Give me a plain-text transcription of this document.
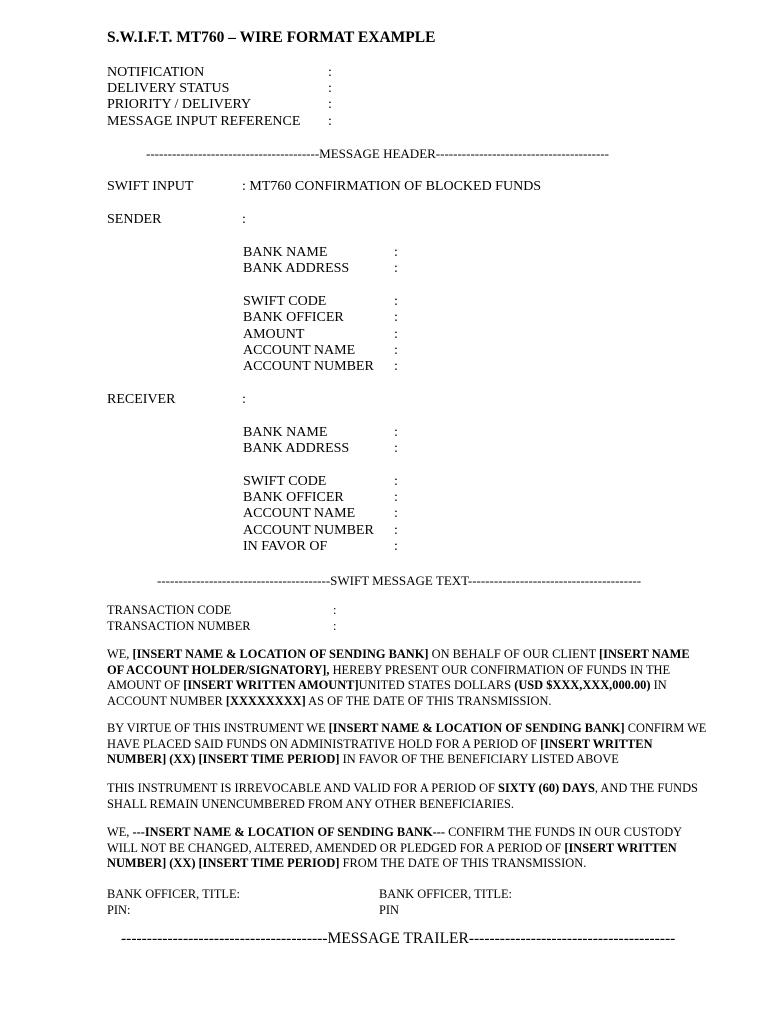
S.W.I.F.T. MT760 – WIRE FORMAT EXAMPLE
NOTIFICATION	:
DELIVERY STATUS	:
PRIORITY / DELIVERY	:
MESSAGE INPUT REFERENCE :
----------------------------------------MESSAGE HEADER----------------------------------------
SWIFT INPUT	: MT760 CONFIRMATION OF BLOCKED FUNDS
SENDER	:
BANK NAME	:
BANK ADDRESS	:
SWIFT CODE	:
BANK OFFICER	:
AMOUNT	:
ACCOUNT NAME	:
ACCOUNT NUMBER :
RECEIVER	:
BANK NAME	:
BANK ADDRESS	:
SWIFT CODE	:
BANK OFFICER	:
ACCOUNT NAME	:
ACCOUNT NUMBER :
IN FAVOR OF	:
----------------------------------------SWIFT MESSAGE TEXT----------------------------------------
TRANSACTION CODE	:
TRANSACTION NUMBER	:
WE, [INSERT NAME & LOCATION OF SENDING BANK] ON BEHALF OF OUR CLIENT [INSERT NAME OF ACCOUNT HOLDER/SIGNATORY], HEREBY PRESENT OUR CONFIRMATION OF FUNDS IN THE AMOUNT OF [INSERT WRITTEN AMOUNT]UNITED STATES DOLLARS (USD $XXX,XXX,000.00) IN ACCOUNT NUMBER [XXXXXXXX] AS OF THE DATE OF THIS TRANSMISSION.
BY VIRTUE OF THIS INSTRUMENT WE [INSERT NAME & LOCATION OF SENDING BANK] CONFIRM WE HAVE PLACED SAID FUNDS ON ADMINISTRATIVE HOLD FOR A PERIOD OF [INSERT WRITTEN NUMBER] (XX) [INSERT TIME PERIOD] IN FAVOR OF THE BENEFICIARY LISTED ABOVE
THIS INSTRUMENT IS IRREVOCABLE AND VALID FOR A PERIOD OF SIXTY (60) DAYS, AND THE FUNDS SHALL REMAIN UNENCUMBERED FROM ANY OTHER BENEFICIARIES.
WE, ---INSERT NAME & LOCATION OF SENDING BANK--- CONFIRM THE FUNDS IN OUR CUSTODY WILL NOT BE CHANGED, ALTERED, AMENDED OR PLEDGED FOR A PERIOD OF [INSERT WRITTEN NUMBER] (XX) [INSERT TIME PERIOD] FROM THE DATE OF THIS TRANSMISSION.
BANK OFFICER, TITLE:
PIN:
BANK OFFICER, TITLE:
PIN
----------------------------------------MESSAGE TRAILER----------------------------------------
